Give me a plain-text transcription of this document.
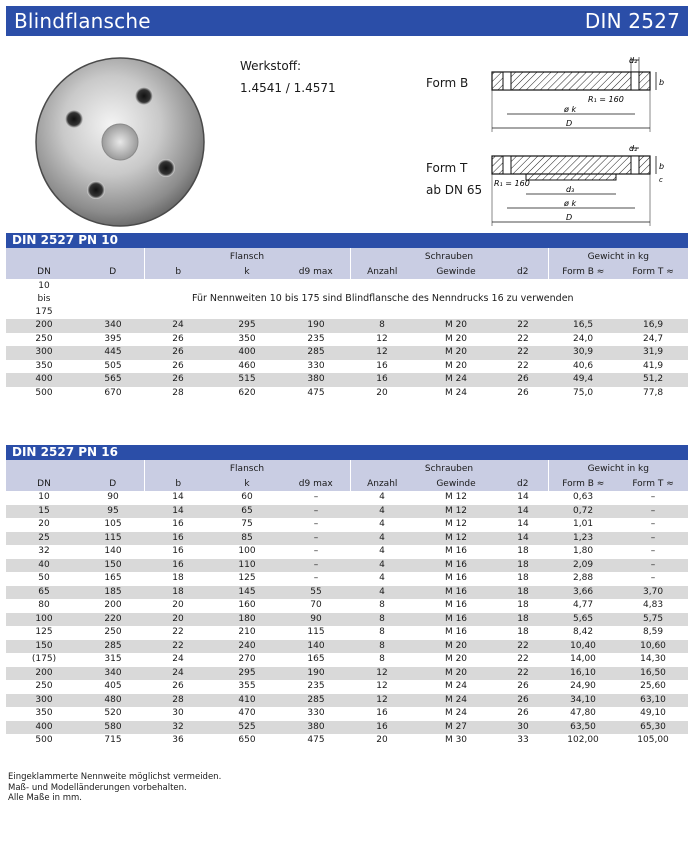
Blindflansche	DIN 2527
Werkstoff:
1.4541 / 1.4571	Form B
Form T
ab DN 65
d₂
b
R₁ = 160
ø k
D
d₂
b
c
R₁ = 160
d₃
ø k
D
DIN 2527 PN 10
		Flansch			Schrauben			Gewicht in kg	
DN	D	b	k	d9 max	Anzahl	Gewinde	d2	Form B ≈	Form T ≈

10
bis
175	Für Nennweiten 10 bis 175 sind Blindflansche des Nenndrucks 16 zu verwenden								
200	340	24	295	190	8	M 20	22	16,5	16,9
250	395	26	350	235	12	M 20	22	24,0	24,7
300	445	26	400	285	12	M 20	22	30,9	31,9
350	505	26	460	330	16	M 20	22	40,6	41,9
400	565	26	515	380	16	M 24	26	49,4	51,2
500	670	28	620	475	20	M 24	26	75,0	77,8
DIN 2527 PN 16
		Flansch			Schrauben			Gewicht in kg	
DN	D	b	k	d9 max	Anzahl	Gewinde	d2	Form B ≈	Form T ≈
10	90	14	60	–	4	M 12	14	0,63	–
15	95	14	65	–	4	M 12	14	0,72	–
20	105	16	75	–	4	M 12	14	1,01	–
25	115	16	85	–	4	M 12	14	1,23	–
32	140	16	100	–	4	M 16	18	1,80	–
40	150	16	110	–	4	M 16	18	2,09	–
50	165	18	125	–	4	M 16	18	2,88	–
65	185	18	145	55	4	M 16	18	3,66	3,70
80	200	20	160	70	8	M 16	18	4,77	4,83
100	220	20	180	90	8	M 16	18	5,65	5,75
125	250	22	210	115	8	M 16	18	8,42	8,59
150	285	22	240	140	8	M 20	22	10,40	10,60
(175)	315	24	270	165	8	M 20	22	14,00	14,30
200	340	24	295	190	12	M 20	22	16,10	16,50
250	405	26	355	235	12	M 24	26	24,90	25,60
300	480	28	410	285	12	M 24	26	34,10	63,10
350	520	30	470	330	16	M 24	26	47,80	49,10
400	580	32	525	380	16	M 27	30	63,50	65,30
500	715	36	650	475	20	M 30	33	102,00	105,00
Eingeklammerte Nennweite möglichst vermeiden.
Maß- und Modelländerungen vorbehalten.
Alle Maße in mm.
